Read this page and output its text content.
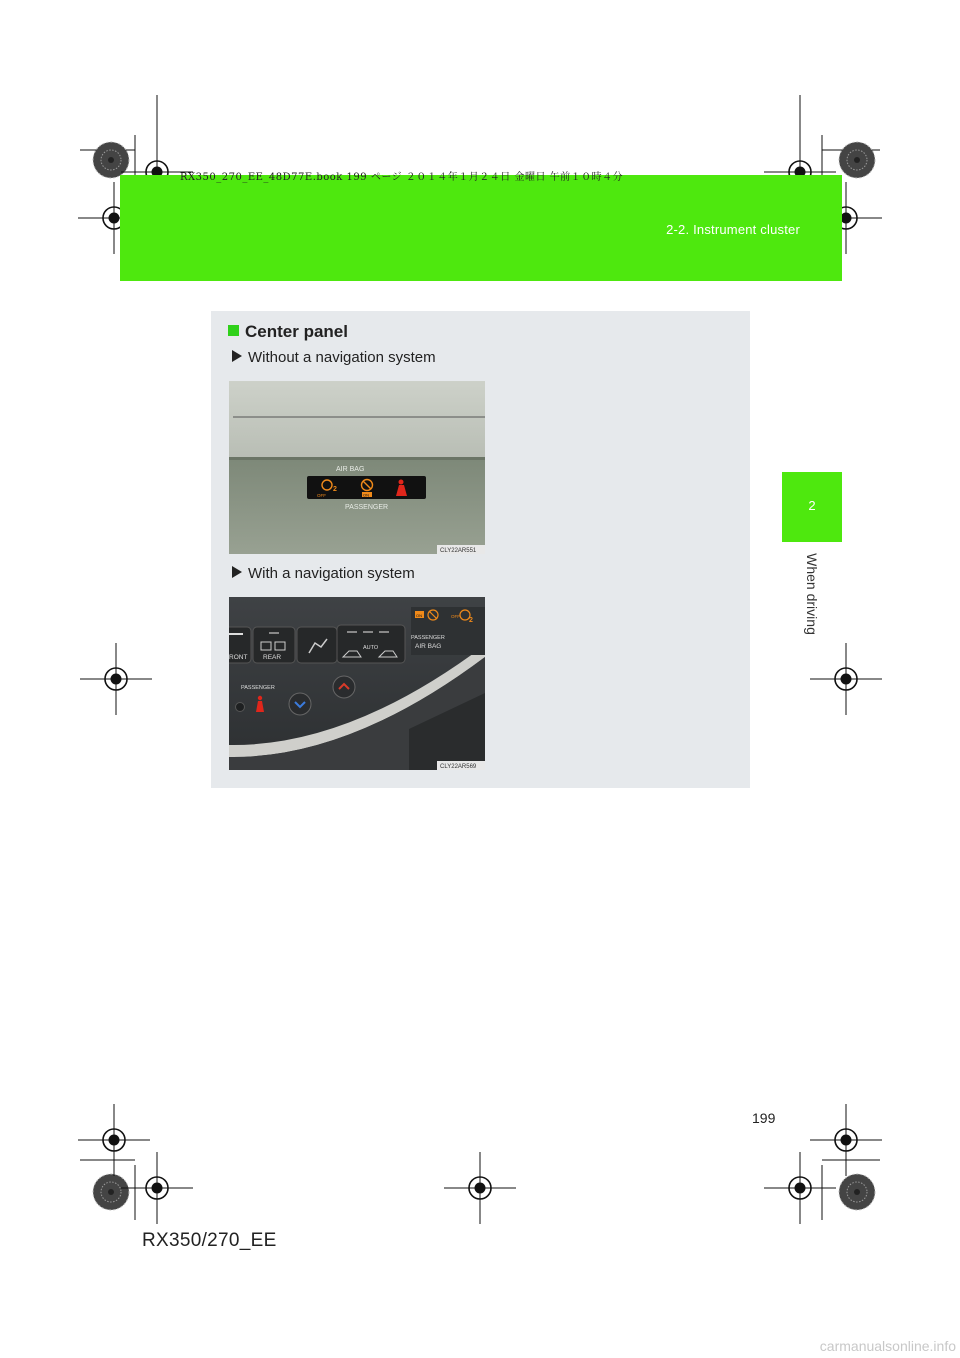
RX350_270_EE_48D77E.book 199 ページ ２０１４年１月２４日 金曜日 午前１０時４分
2-2. Instrument cluster
2
When driving
Center panel
Without a navigation system
AIR BAG
2
OFF	ON
PASSENGER
CLY22AR551
With a navigation system
RONT REAR
AUTO
ON	OFF
2
PASSENGER
AIR BAG
PASSENGER
CLY22AR569
199
RX350/270_EE
carmanualsonline.info
